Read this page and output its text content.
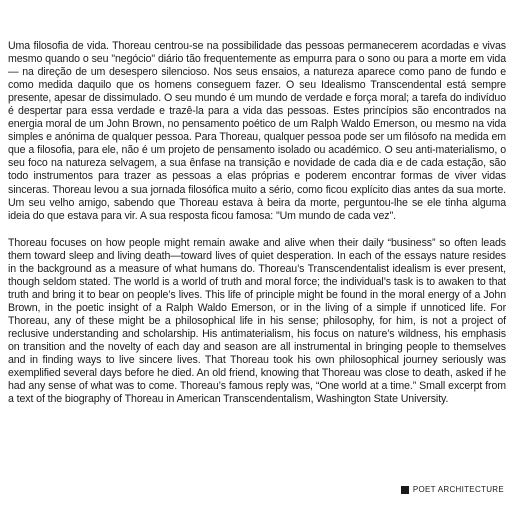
Uma filosofia de vida. Thoreau centrou-se na possibilidade das pessoas permanecerem acordadas e vivas mesmo quando o seu "negócio" diário tão frequentemente as empurra para o sono ou para a morte em vida — na direção de um desespero silencioso. Nos seus ensaios, a natureza aparece como pano de fundo e como medida daquilo que os homens conseguem fazer. O seu Idealismo Transcendental está sempre presente, apesar de dissimulado. O seu mundo é um mundo de verdade e força moral; a tarefa do indivíduo é despertar para essa verdade e trazê-la para a vida das pessoas. Estes princípios são encontrados na energia moral de um John Brown, no pensamento poético de um Ralph Waldo Emerson, ou mesmo na vida simples e anónima de qualquer pessoa. Para Thoreau, qualquer pessoa pode ser um filósofo na medida em que a filosofia, para ele, não é um projeto de pensamento isolado ou académico. O seu anti-materialismo, o seu foco na natureza selvagem, a sua ênfase na transição e novidade de cada dia e de cada estação, são todo instrumentos para trazer as pessoas a elas próprias e poderem encontrar formas de viver vidas sinceras. Thoreau levou a sua jornada filosófica muito a sério, como ficou explícito dias antes da sua morte. Um seu velho amigo, sabendo que Thoreau estava à beira da morte, perguntou-lhe se ele tinha alguma ideia do que estava para vir. A sua resposta ficou famosa: "Um mundo de cada vez".

Thoreau focuses on how people might remain awake and alive when their daily “business” so often leads them toward sleep and living death—toward lives of quiet desperation. In each of the essays nature resides in the background as a measure of what humans do. Thoreau’s Transcendentalist idealism is ever present, though seldom stated. The world is a world of truth and moral force; the individual’s task is to awaken to that truth and bring it to bear on people’s lives. This life of principle might be found in the moral energy of a John Brown, in the poetic insight of a Ralph Waldo Emerson, or in the living of a simple if unnoticed life. For Thoreau, any of these might be a philosophical life in his sense; philosophy, for him, is not a project of reclusive understanding and scholarship. His antimaterialism, his focus on nature’s wildness, his emphasis on transition and the novelty of each day and season are all instrumental in bringing people to themselves and in finding ways to live sincere lives. That Thoreau took his own philosophical journey seriously was exemplified several days before he died. An old friend, knowing that Thoreau was close to death, asked if he had any sense of what was to come. Thoreau’s famous reply was, “One world at a time.” Small excerpt from a text of the biography of Thoreau in American Transcendentalism, Washington State University.

POET ARCHITECTURE
